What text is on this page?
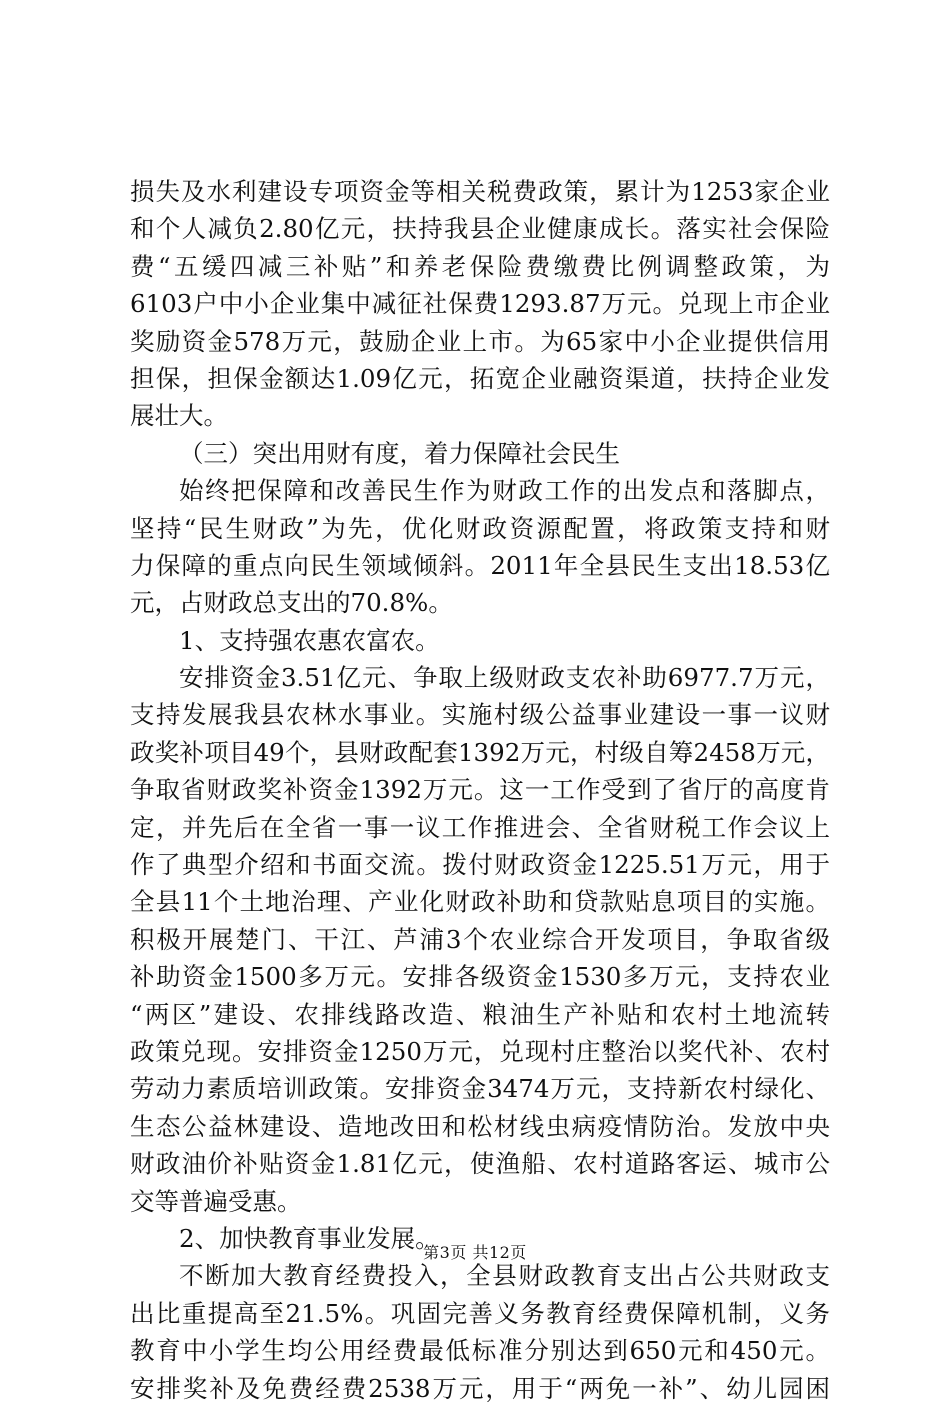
损失及水利建设专项资金等相关税费政策，累计为1253家企业
和个人减负2.80亿元，扶持我县企业健康成长。落实社会保险
费“五缓四减三补贴”和养老保险费缴费比例调整政策，为
6103户中小企业集中减征社保费1293.87万元。兑现上市企业
奖励资金578万元，鼓励企业上市。为65家中小企业提供信用
担保，担保金额达1.09亿元，拓宽企业融资渠道，扶持企业发
展壮大。
（三）突出用财有度，着力保障社会民生
始终把保障和改善民生作为财政工作的出发点和落脚点，
坚持“民生财政”为先，优化财政资源配置，将政策支持和财
力保障的重点向民生领域倾斜。2011年全县民生支出18.53亿
元，占财政总支出的70.8%。
1、支持强农惠农富农。
安排资金3.51亿元、争取上级财政支农补助6977.7万元，
支持发展我县农林水事业。实施村级公益事业建设一事一议财
政奖补项目49个，县财政配套1392万元，村级自筹2458万元，
争取省财政奖补资金1392万元。这一工作受到了省厅的高度肯
定，并先后在全省一事一议工作推进会、全省财税工作会议上
作了典型介绍和书面交流。拨付财政资金1225.51万元，用于
全县11个土地治理、产业化财政补助和贷款贴息项目的实施。
积极开展楚门、干江、芦浦3个农业综合开发项目，争取省级
补助资金1500多万元。安排各级资金1530多万元，支持农业
“两区”建设、农排线路改造、粮油生产补贴和农村土地流转
政策兑现。安排资金1250万元，兑现村庄整治以奖代补、农村
劳动力素质培训政策。安排资金3474万元，支持新农村绿化、
生态公益林建设、造地改田和松材线虫病疫情防治。发放中央
财政油价补贴资金1.81亿元，使渔船、农村道路客运、城市公
交等普遍受惠。
2、加快教育事业发展。
不断加大教育经费投入，全县财政教育支出占公共财政支
出比重提高至21.5%。巩固完善义务教育经费保障机制，义务
教育中小学生均公用经费最低标准分别达到650元和450元。
安排奖补及免费经费2538万元，用于“两免一补”、幼儿园困
第3页 共12页
